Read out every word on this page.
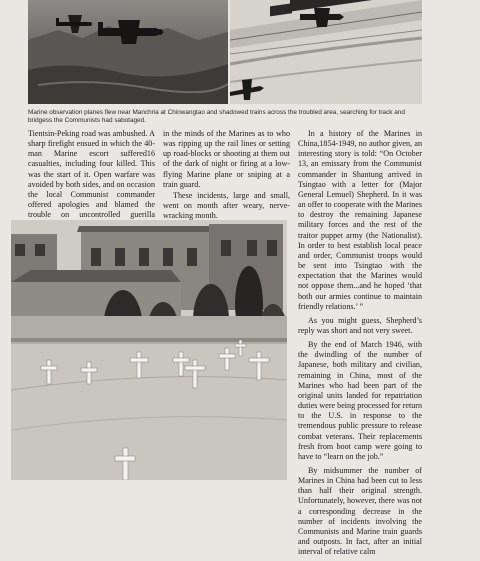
Marine observation planes flew near Manchria at Chinwangtao and shadowed trains across the troubled area, searching for track and bridgess the Communists had sabotaged.

Tientsin-Peking road was ambushed. A sharp firefight ensued in which the 40-man Marine escort suffered16 casualties, including four killed. This was the start of it. Open warfare was avoided by both sides, and on occasion the local Communist commander offered apologies and blamed the trouble on uncontrolled guerilla

in the minds of the Marines as to who was ripping up the rail lines or setting up road-blocks or shooting at them out of the dark of night or firing at a low-flying Marine plane or sniping at a train guard.

These incidents, large and small, went on month after weary, nerve-wracking month.

In a history of the Marines in China,1854-1949, no author given, an interesting story is told: “On October 13, an emissary from the Communist commander in Shantung arrived in Tsingtao with a letter for (Major General Lemuel) Shepherd. In it was an offer to cooperate with the Marines to destroy the remaining Japanese military forces and the rest of the traitor puppet army (the Nationalist). In order to best establish local peace and order, Communist troops would be sent into Tsingtao with the expectation that the Marines would not oppose them...and he hoped ‘that both our armies continue to maintain friendly relations.’ ”

As you might guess, Shepherd’s reply was short and not very sweet.

By the end of March 1946, with the dwindling of the number of Japanese, both military and civilian, remaining in China, most of the Marines who had been part of the original units landed for repatriation duties were being processed for return to the U.S. in response to the tremendous public pressure to release combat veterans. Their replacements fresh from boot camp were going to have to “learn on the job.”

By midsummer the number of Marines in China had been cut to less than half their original strength. Unfortunately, however, there was not a corresponding decrease in the number of incidents involving the Communists and Marine train guards and outposts. In fact, after an initial interval of relative calm
